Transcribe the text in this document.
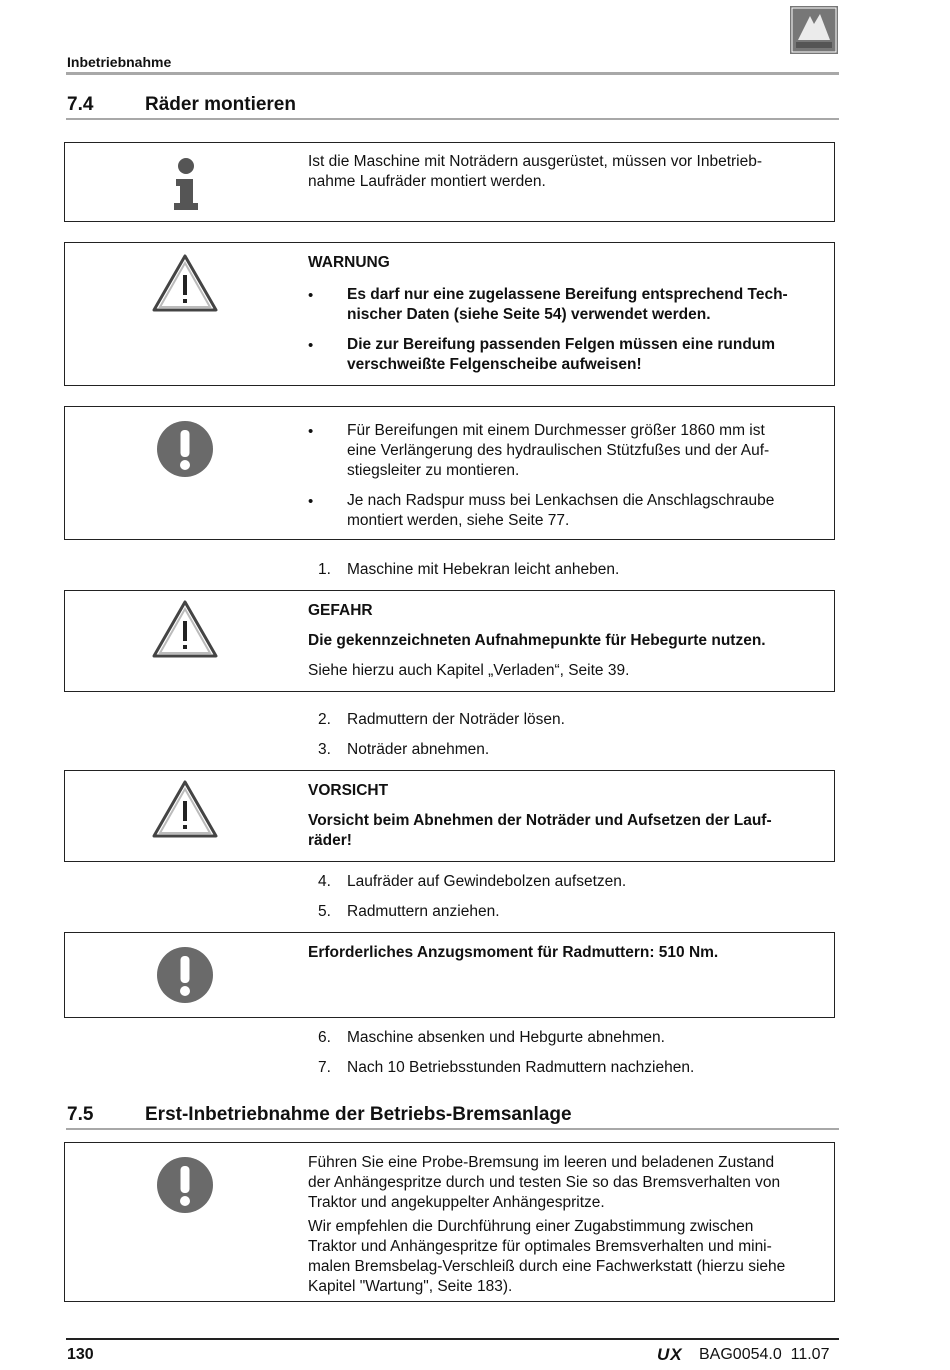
Inbetriebnahme
7.4	Räder montieren
Ist die Maschine mit Noträdern ausgerüstet, müssen vor Inbetrieb-
nahme Laufräder montiert werden.
WARNUNG
• Es darf nur eine zugelassene Bereifung entsprechend Tech-
nischer Daten (siehe Seite 54) verwendet werden.
• Die zur Bereifung passenden Felgen müssen eine rundum
verschweißte Felgenscheibe aufweisen!
• Für Bereifungen mit einem Durchmesser größer 1860 mm ist
eine Verlängerung des hydraulischen Stützfußes und der Auf-
stiegsleiter zu montieren.
• Je nach Radspur muss bei Lenkachsen die Anschlagschraube
montiert werden, siehe Seite 77.
1.	Maschine mit Hebekran leicht anheben.
GEFAHR
Die gekennzeichneten Aufnahmepunkte für Hebegurte nutzen.
Siehe hierzu auch Kapitel „Verladen“, Seite 39.
2.	Radmuttern der Noträder lösen.
3.	Noträder abnehmen.
VORSICHT
Vorsicht beim Abnehmen der Noträder und Aufsetzen der Lauf-
räder!
4.	Laufräder auf Gewindebolzen aufsetzen.
5.	Radmuttern anziehen.
Erforderliches Anzugsmoment für Radmuttern: 510 Nm.
6.	Maschine absenken und Hebgurte abnehmen.
7.	Nach 10 Betriebsstunden Radmuttern nachziehen.
7.5	Erst-Inbetriebnahme der Betriebs-Bremsanlage
Führen Sie eine Probe-Bremsung im leeren und beladenen Zustand
der Anhängespritze durch und testen Sie so das Bremsverhalten von
Traktor und angekuppelter Anhängespritze.
Wir empfehlen die Durchführung einer Zugabstimmung zwischen
Traktor und Anhängespritze für optimales Bremsverhalten und mini-
malen Bremsbelag-Verschleiß durch eine Fachwerkstatt (hierzu siehe
Kapitel "Wartung", Seite 183).
130	UX BAG0054.0  11.07
